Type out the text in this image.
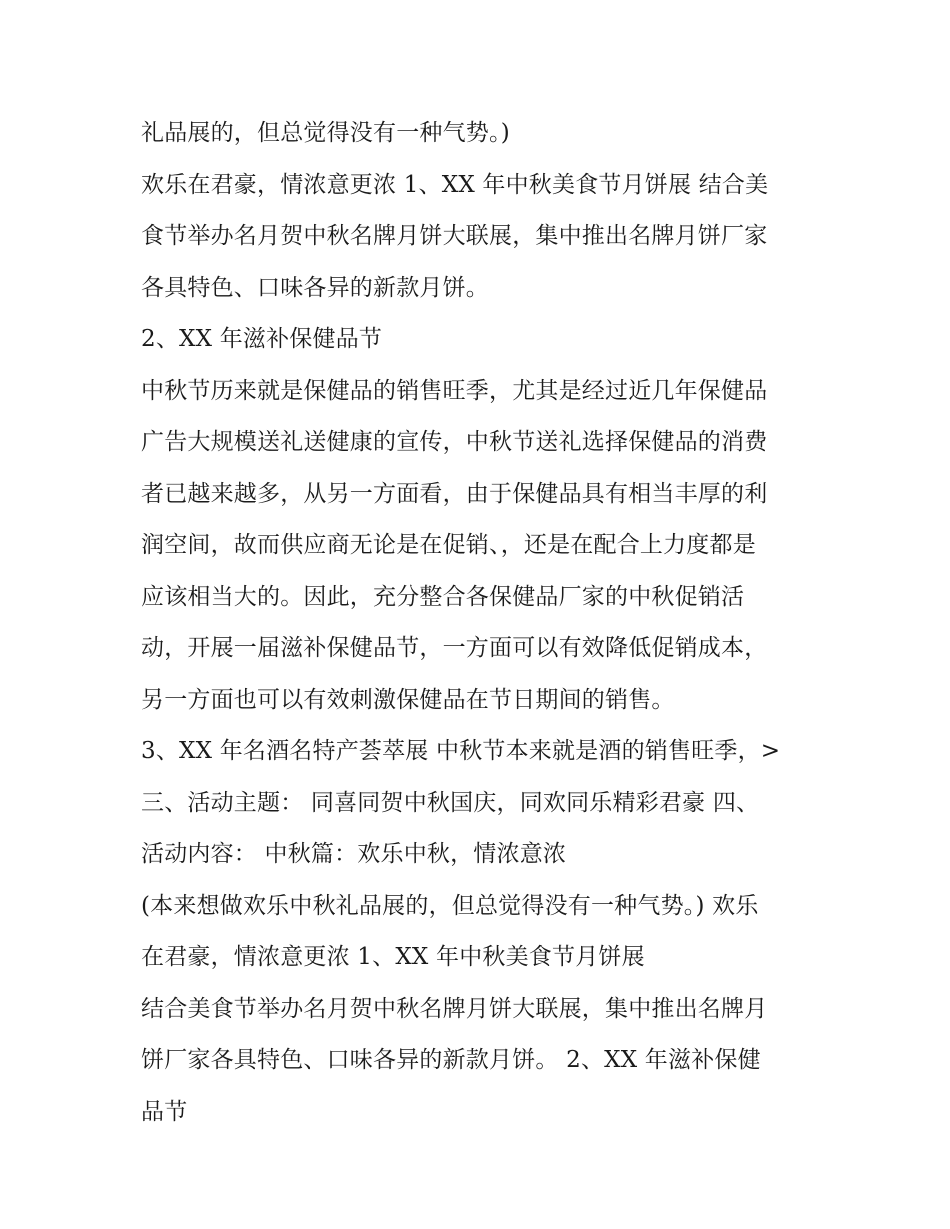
礼品展的，但总觉得没有一种气势。)
欢乐在君豪，情浓意更浓 1、XX 年中秋美食节月饼展 结合美
食节举办名月贺中秋名牌月饼大联展，集中推出名牌月饼厂家
各具特色、口味各异的新款月饼。
2、XX 年滋补保健品节
中秋节历来就是保健品的销售旺季，尤其是经过近几年保健品
广告大规模送礼送健康的宣传，中秋节送礼选择保健品的消费
者已越来越多，从另一方面看，由于保健品具有相当丰厚的利
润空间，故而供应商无论是在促销、，还是在配合上力度都是
应该相当大的。因此，充分整合各保健品厂家的中秋促销活
动，开展一届滋补保健品节，一方面可以有效降低促销成本，
另一方面也可以有效刺激保健品在节日期间的销售。
3、XX 年名酒名特产荟萃展 中秋节本来就是酒的销售旺季，>
三、活动主题： 同喜同贺中秋国庆，同欢同乐精彩君豪 四、
活动内容： 中秋篇：欢乐中秋，情浓意浓
(本来想做欢乐中秋礼品展的，但总觉得没有一种气势。) 欢乐
在君豪，情浓意更浓 1、XX 年中秋美食节月饼展
结合美食节举办名月贺中秋名牌月饼大联展，集中推出名牌月
饼厂家各具特色、口味各异的新款月饼。 2、XX 年滋补保健
品节
